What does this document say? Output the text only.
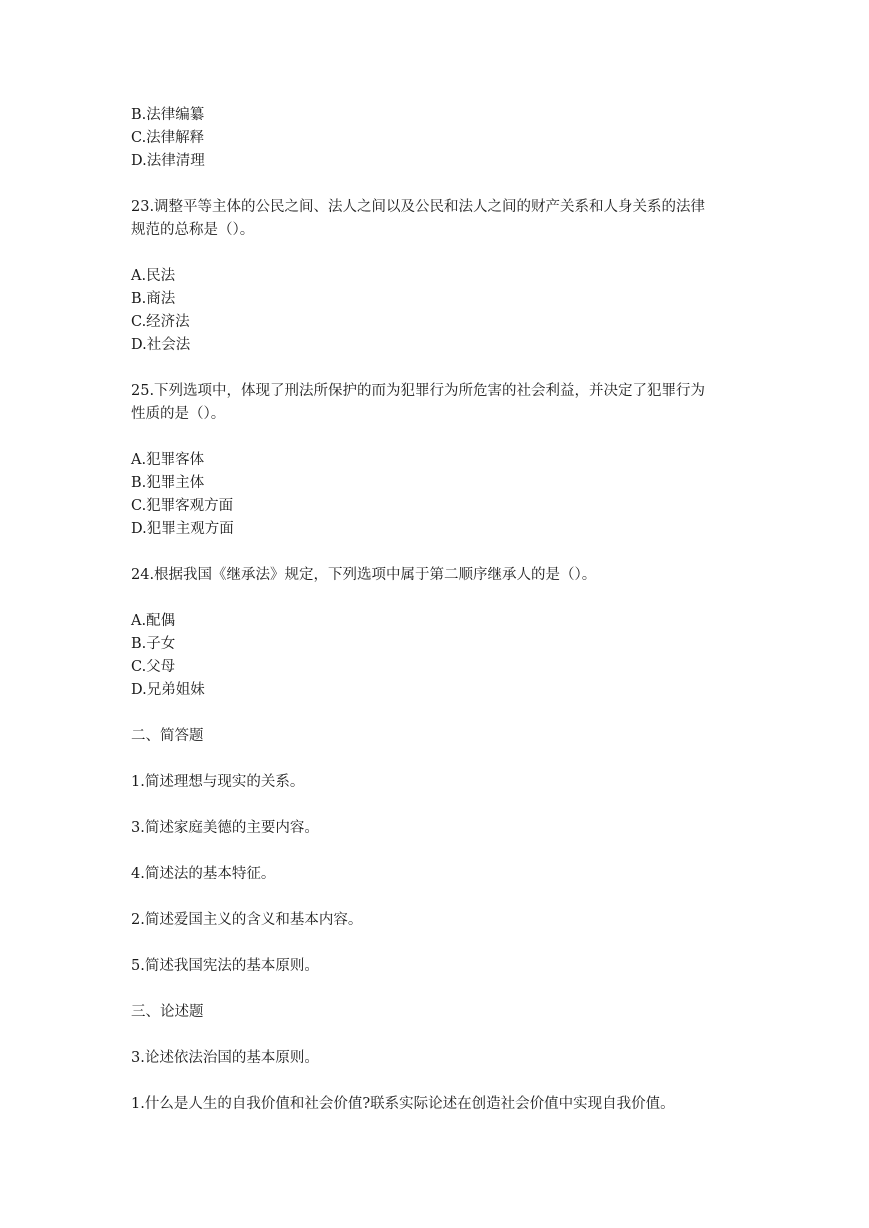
B.法律编纂
C.法律解释
D.法律清理
23.调整平等主体的公民之间、法人之间以及公民和法人之间的财产关系和人身关系的法律
规范的总称是（）。
A.民法
B.商法
C.经济法
D.社会法
25.下列选项中，体现了刑法所保护的而为犯罪行为所危害的社会利益，并决定了犯罪行为
性质的是（）。
A.犯罪客体
B.犯罪主体
C.犯罪客观方面
D.犯罪主观方面
24.根据我国《继承法》规定，下列选项中属于第二顺序继承人的是（）。
A.配偶
B.子女
C.父母
D.兄弟姐妹
二、简答题
1.简述理想与现实的关系。
3.简述家庭美德的主要内容。
4.简述法的基本特征。
2.简述爱国主义的含义和基本内容。
5.简述我国宪法的基本原则。
三、论述题
3.论述依法治国的基本原则。
1.什么是人生的自我价值和社会价值?联系实际论述在创造社会价值中实现自我价值。
